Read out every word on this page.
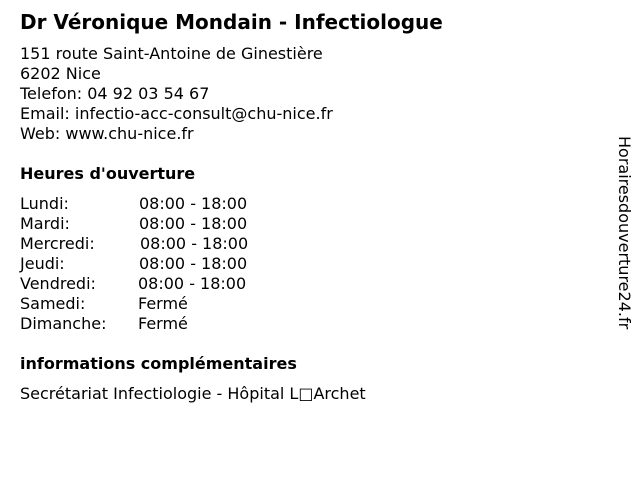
Dr Véronique Mondain - Infectiologue
151 route Saint-Antoine de Ginestière
6202 Nice
Telefon: 04 92 03 54 67
Email: infectio-acc-consult@chu-nice.fr
Web: www.chu-nice.fr
Heures d'ouverture
Lundi:	08:00 - 18:00
Mardi:	08:00 - 18:00
Mercredi:	08:00 - 18:00
Jeudi:	08:00 - 18:00
Vendredi:	08:00 - 18:00
Samedi:	Fermé
Dimanche: Fermé
informations complémentaires
Secrétariat Infectiologie - Hôpital L□Archet
Horairesdouverture24.fr
